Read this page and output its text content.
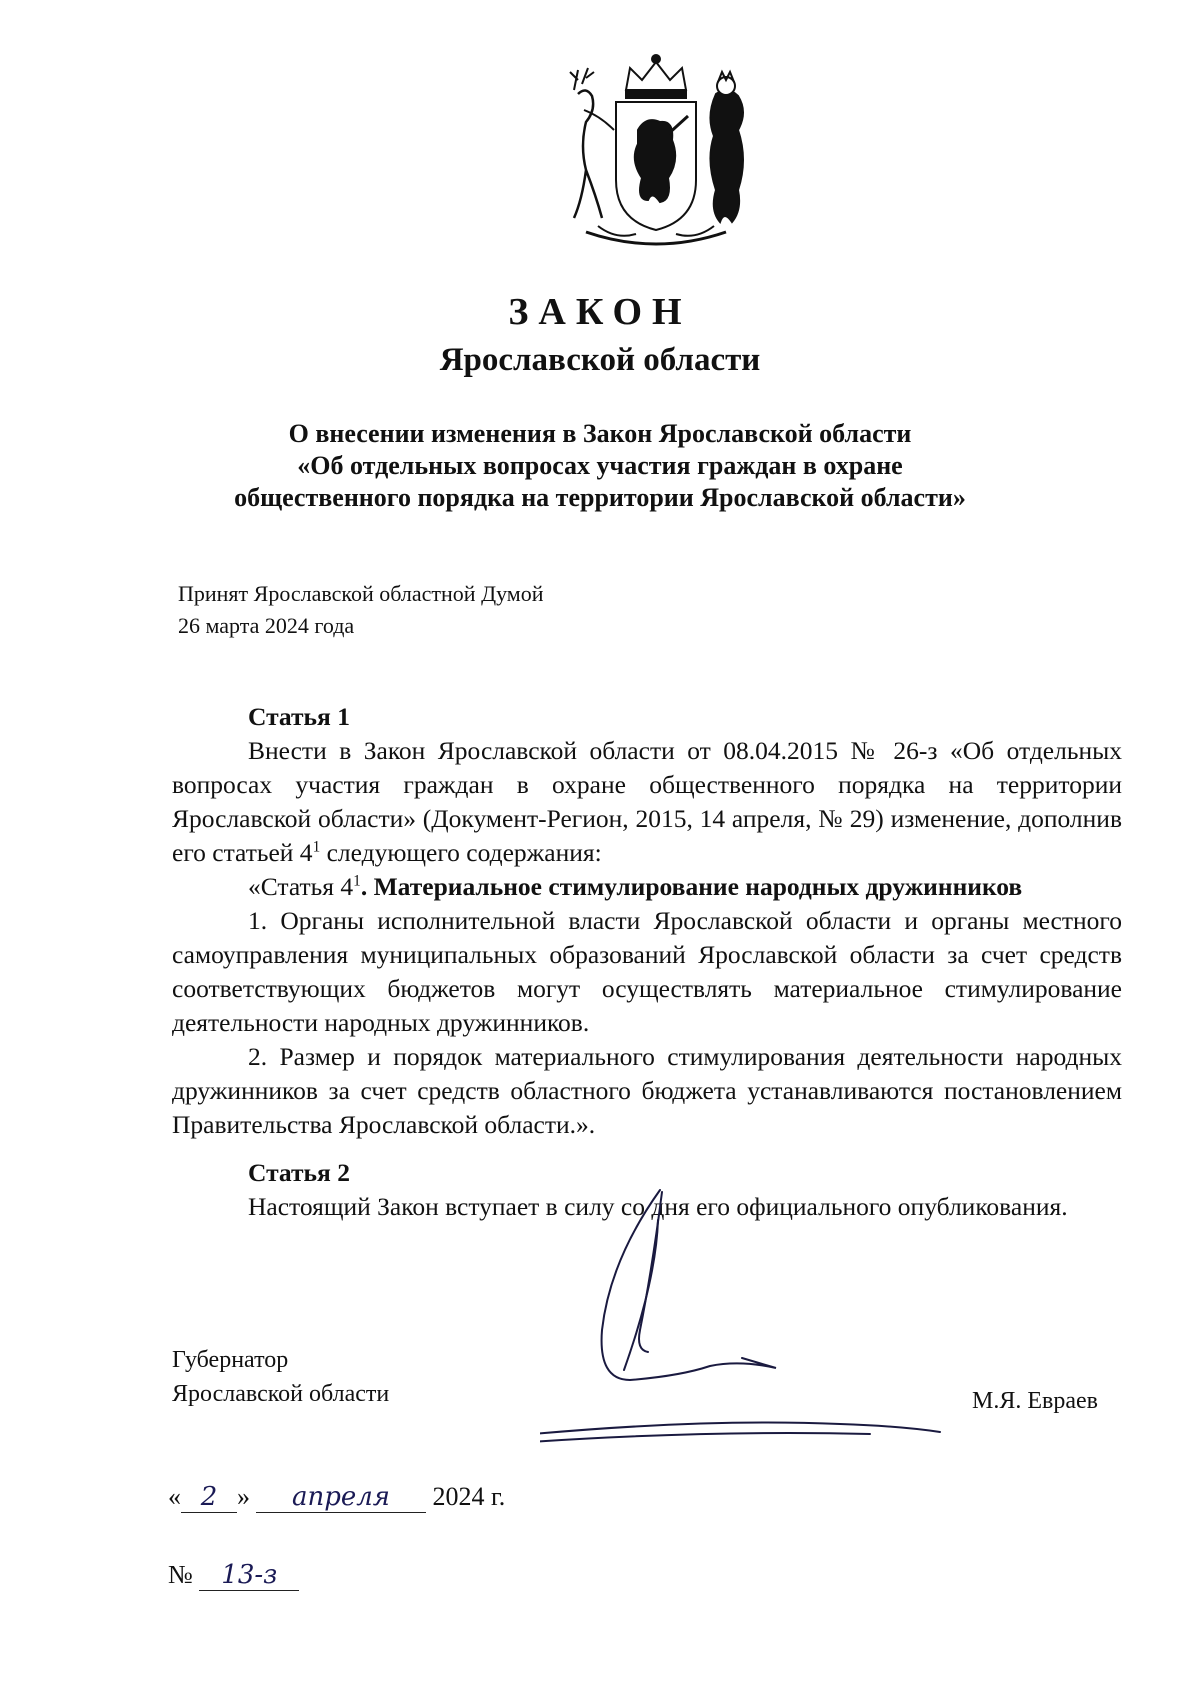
ЗАКОН
Ярославской области
О внесении изменения в Закон Ярославской области
«Об отдельных вопросах участия граждан в охране
общественного порядка на территории Ярославской области»
Принят Ярославской областной Думой
26 марта 2024 года
Статья 1

Внести в Закон Ярославской области от 08.04.2015 № 26-з «Об отдельных вопросах участия граждан в охране общественного порядка на территории Ярославской области» (Документ-Регион, 2015, 14 апреля, № 29) изменение, дополнив его статьей $4^1$ следующего содержания:

«Статья $4^1$. Материальное стимулирование народных дружинников

1. Органы исполнительной власти Ярославской области и органы местного самоуправления муниципальных образований Ярославской области за счет средств соответствующих бюджетов могут осуществлять материальное стимулирование деятельности народных дружинников.

2. Размер и порядок материального стимулирования деятельности народных дружинников за счет средств областного бюджета устанавливаются постановлением Правительства Ярославской области.».

Статья 2

Настоящий Закон вступает в силу со дня его официального опубликования.

Губернатор
Ярославской области	М.Я. Евраев
« 2 » апреля 2024 г.
№ 13-з
